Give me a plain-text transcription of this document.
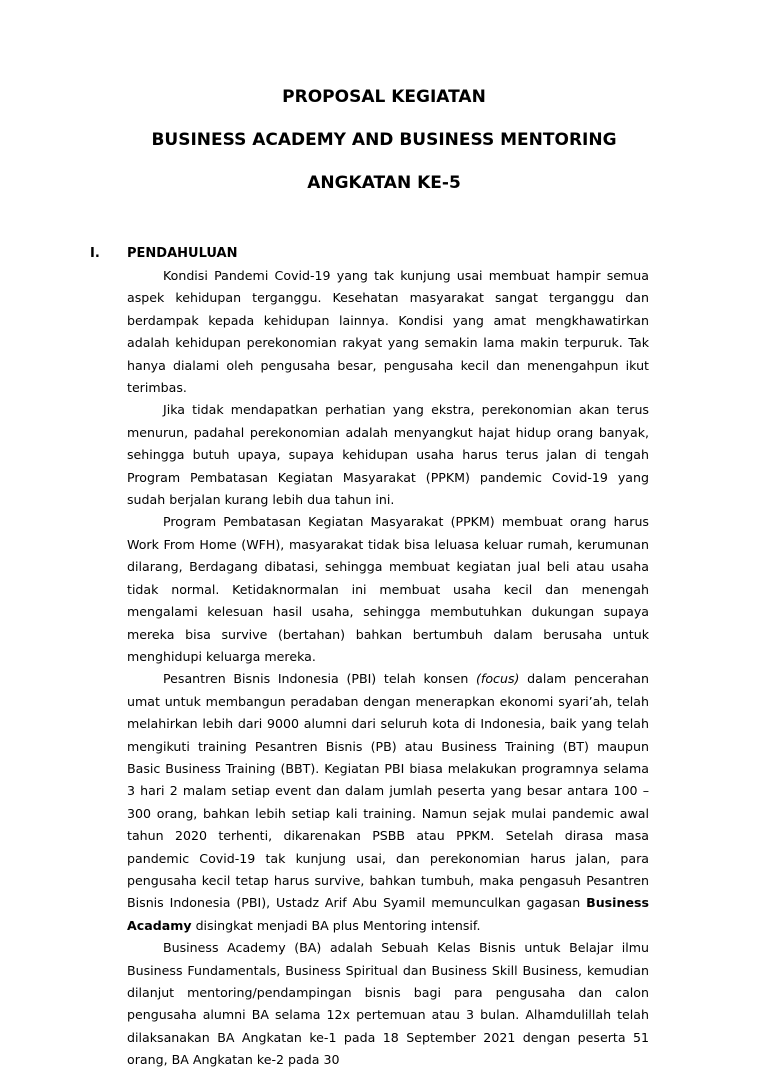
PROPOSAL KEGIATAN
BUSINESS ACADEMY AND BUSINESS MENTORING
ANGKATAN KE-5
I. PENDAHULUAN

Kondisi Pandemi Covid-19 yang tak kunjung usai membuat hampir semua aspek kehidupan terganggu. Kesehatan masyarakat sangat terganggu dan berdampak kepada kehidupan lainnya. Kondisi yang amat mengkhawatirkan adalah kehidupan perekonomian rakyat yang semakin lama makin terpuruk. Tak hanya dialami oleh pengusaha besar, pengusaha kecil dan menengahpun ikut terimbas.

Jika tidak mendapatkan perhatian yang ekstra, perekonomian akan terus menurun, padahal perekonomian adalah menyangkut hajat hidup orang banyak, sehingga butuh upaya, supaya kehidupan usaha harus terus jalan di tengah Program Pembatasan Kegiatan Masyarakat (PPKM) pandemic Covid-19 yang sudah berjalan kurang lebih dua tahun ini.

Program Pembatasan Kegiatan Masyarakat (PPKM) membuat orang harus Work From Home (WFH), masyarakat tidak bisa leluasa keluar rumah, kerumunan dilarang, Berdagang dibatasi, sehingga membuat kegiatan jual beli atau usaha tidak normal. Ketidaknormalan ini membuat usaha kecil dan menengah mengalami kelesuan hasil usaha, sehingga membutuhkan dukungan supaya mereka bisa survive (bertahan) bahkan bertumbuh dalam berusaha untuk menghidupi keluarga mereka.

Pesantren Bisnis Indonesia (PBI) telah konsen (focus) dalam pencerahan umat untuk membangun peradaban dengan menerapkan ekonomi syari’ah, telah melahirkan lebih dari 9000 alumni dari seluruh kota di Indonesia, baik yang telah mengikuti training Pesantren Bisnis (PB) atau Business Training (BT) maupun Basic Business Training (BBT). Kegiatan PBI biasa melakukan programnya selama 3 hari 2 malam setiap event dan dalam jumlah peserta yang besar antara 100 – 300 orang, bahkan lebih setiap kali training. Namun sejak mulai pandemic awal tahun 2020 terhenti, dikarenakan PSBB atau PPKM. Setelah dirasa masa pandemic Covid-19 tak kunjung usai, dan perekonomian harus jalan, para pengusaha kecil tetap harus survive, bahkan tumbuh, maka pengasuh Pesantren Bisnis Indonesia (PBI), Ustadz Arif Abu Syamil memunculkan gagasan Business Acadamy disingkat menjadi BA plus Mentoring intensif.

Business Academy (BA) adalah Sebuah Kelas Bisnis untuk Belajar ilmu Business Fundamentals, Business Spiritual dan Business Skill Business, kemudian dilanjut mentoring/pendampingan bisnis bagi para pengusaha dan calon pengusaha alumni BA selama 12x pertemuan atau 3 bulan. Alhamdulillah telah dilaksanakan BA Angkatan ke-1 pada 18 September 2021 dengan peserta 51 orang, BA Angkatan ke-2 pada 30
